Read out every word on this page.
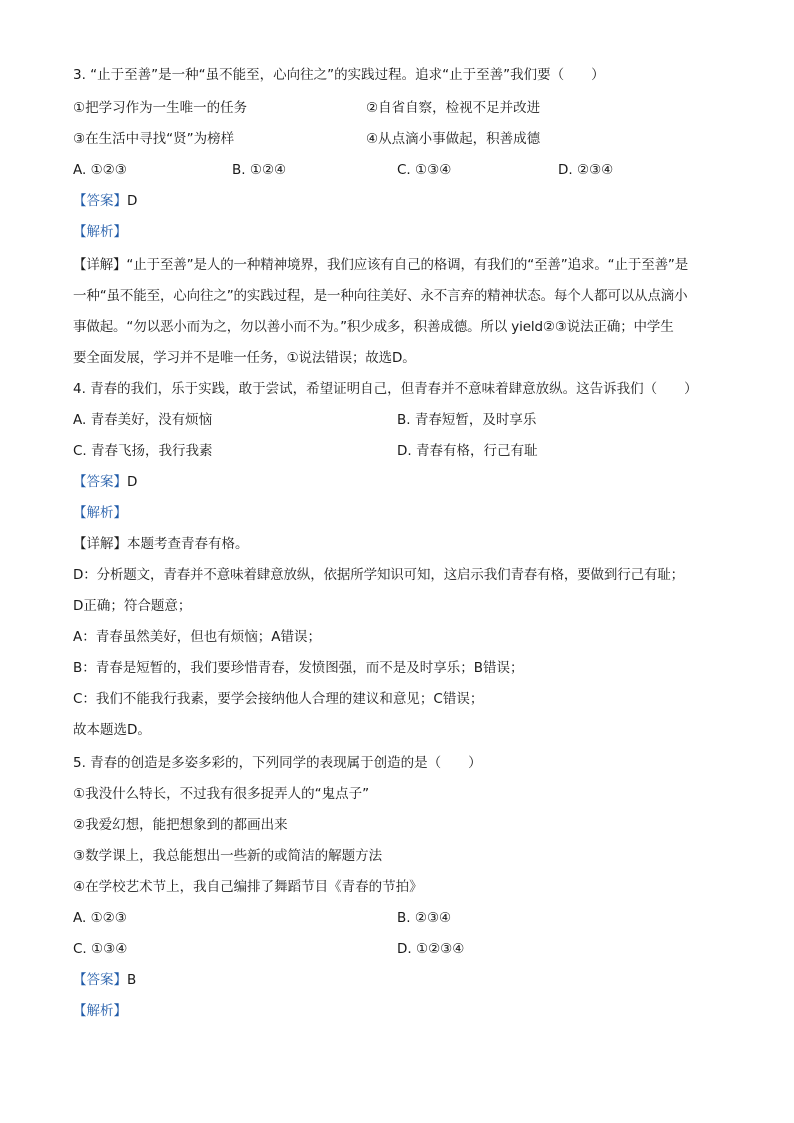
3. “止于至善”是一种“虽不能至，心向往之”的实践过程。追求“止于至善”我们要（　　）
①把学习作为一生唯一的任务	②自省自察，检视不足并改进
③在生活中寻找“贤”为榜样	④从点滴小事做起，积善成德
A. ①②③	B. ①②④	C. ①③④	D. ②③④
【答案】D
【解析】
【详解】“止于至善”是人的一种精神境界，我们应该有自己的格调，有我们的“至善”追求。“止于至善”是
一种“虽不能至，心向往之”的实践过程，是一种向往美好、永不言弃的精神状态。每个人都可以从点滴小
事做起。“勿以恶小而为之，勿以善小而不为。”积少成多，积善成德。所以 yield②③说法正确；中学生
要全面发展，学习并不是唯一任务，①说法错误；故选D。
4. 青春的我们，乐于实践，敢于尝试，希望证明自己，但青春并不意味着肆意放纵。这告诉我们（　　）
A. 青春美好，没有烦恼	B. 青春短暂，及时享乐
C. 青春飞扬，我行我素	D. 青春有格，行己有耻
【答案】D
【解析】
【详解】本题考查青春有格。
D：分析题文，青春并不意味着肆意放纵，依据所学知识可知，这启示我们青春有格，要做到行己有耻；
D正确；符合题意；
A：青春虽然美好，但也有烦恼；A错误；
B：青春是短暂的，我们要珍惜青春，发愤图强，而不是及时享乐；B错误；
C：我们不能我行我素，要学会接纳他人合理的建议和意见；C错误；
故本题选D。
5. 青春的创造是多姿多彩的，下列同学的表现属于创造的是（　　）
①我没什么特长，不过我有很多捉弄人的“鬼点子”
②我爱幻想，能把想象到的都画出来
③数学课上，我总能想出一些新的或简洁的解题方法
④在学校艺术节上，我自己编排了舞蹈节目《青春的节拍》
A. ①②③	B. ②③④
C. ①③④	D. ①②③④
【答案】B
【解析】
